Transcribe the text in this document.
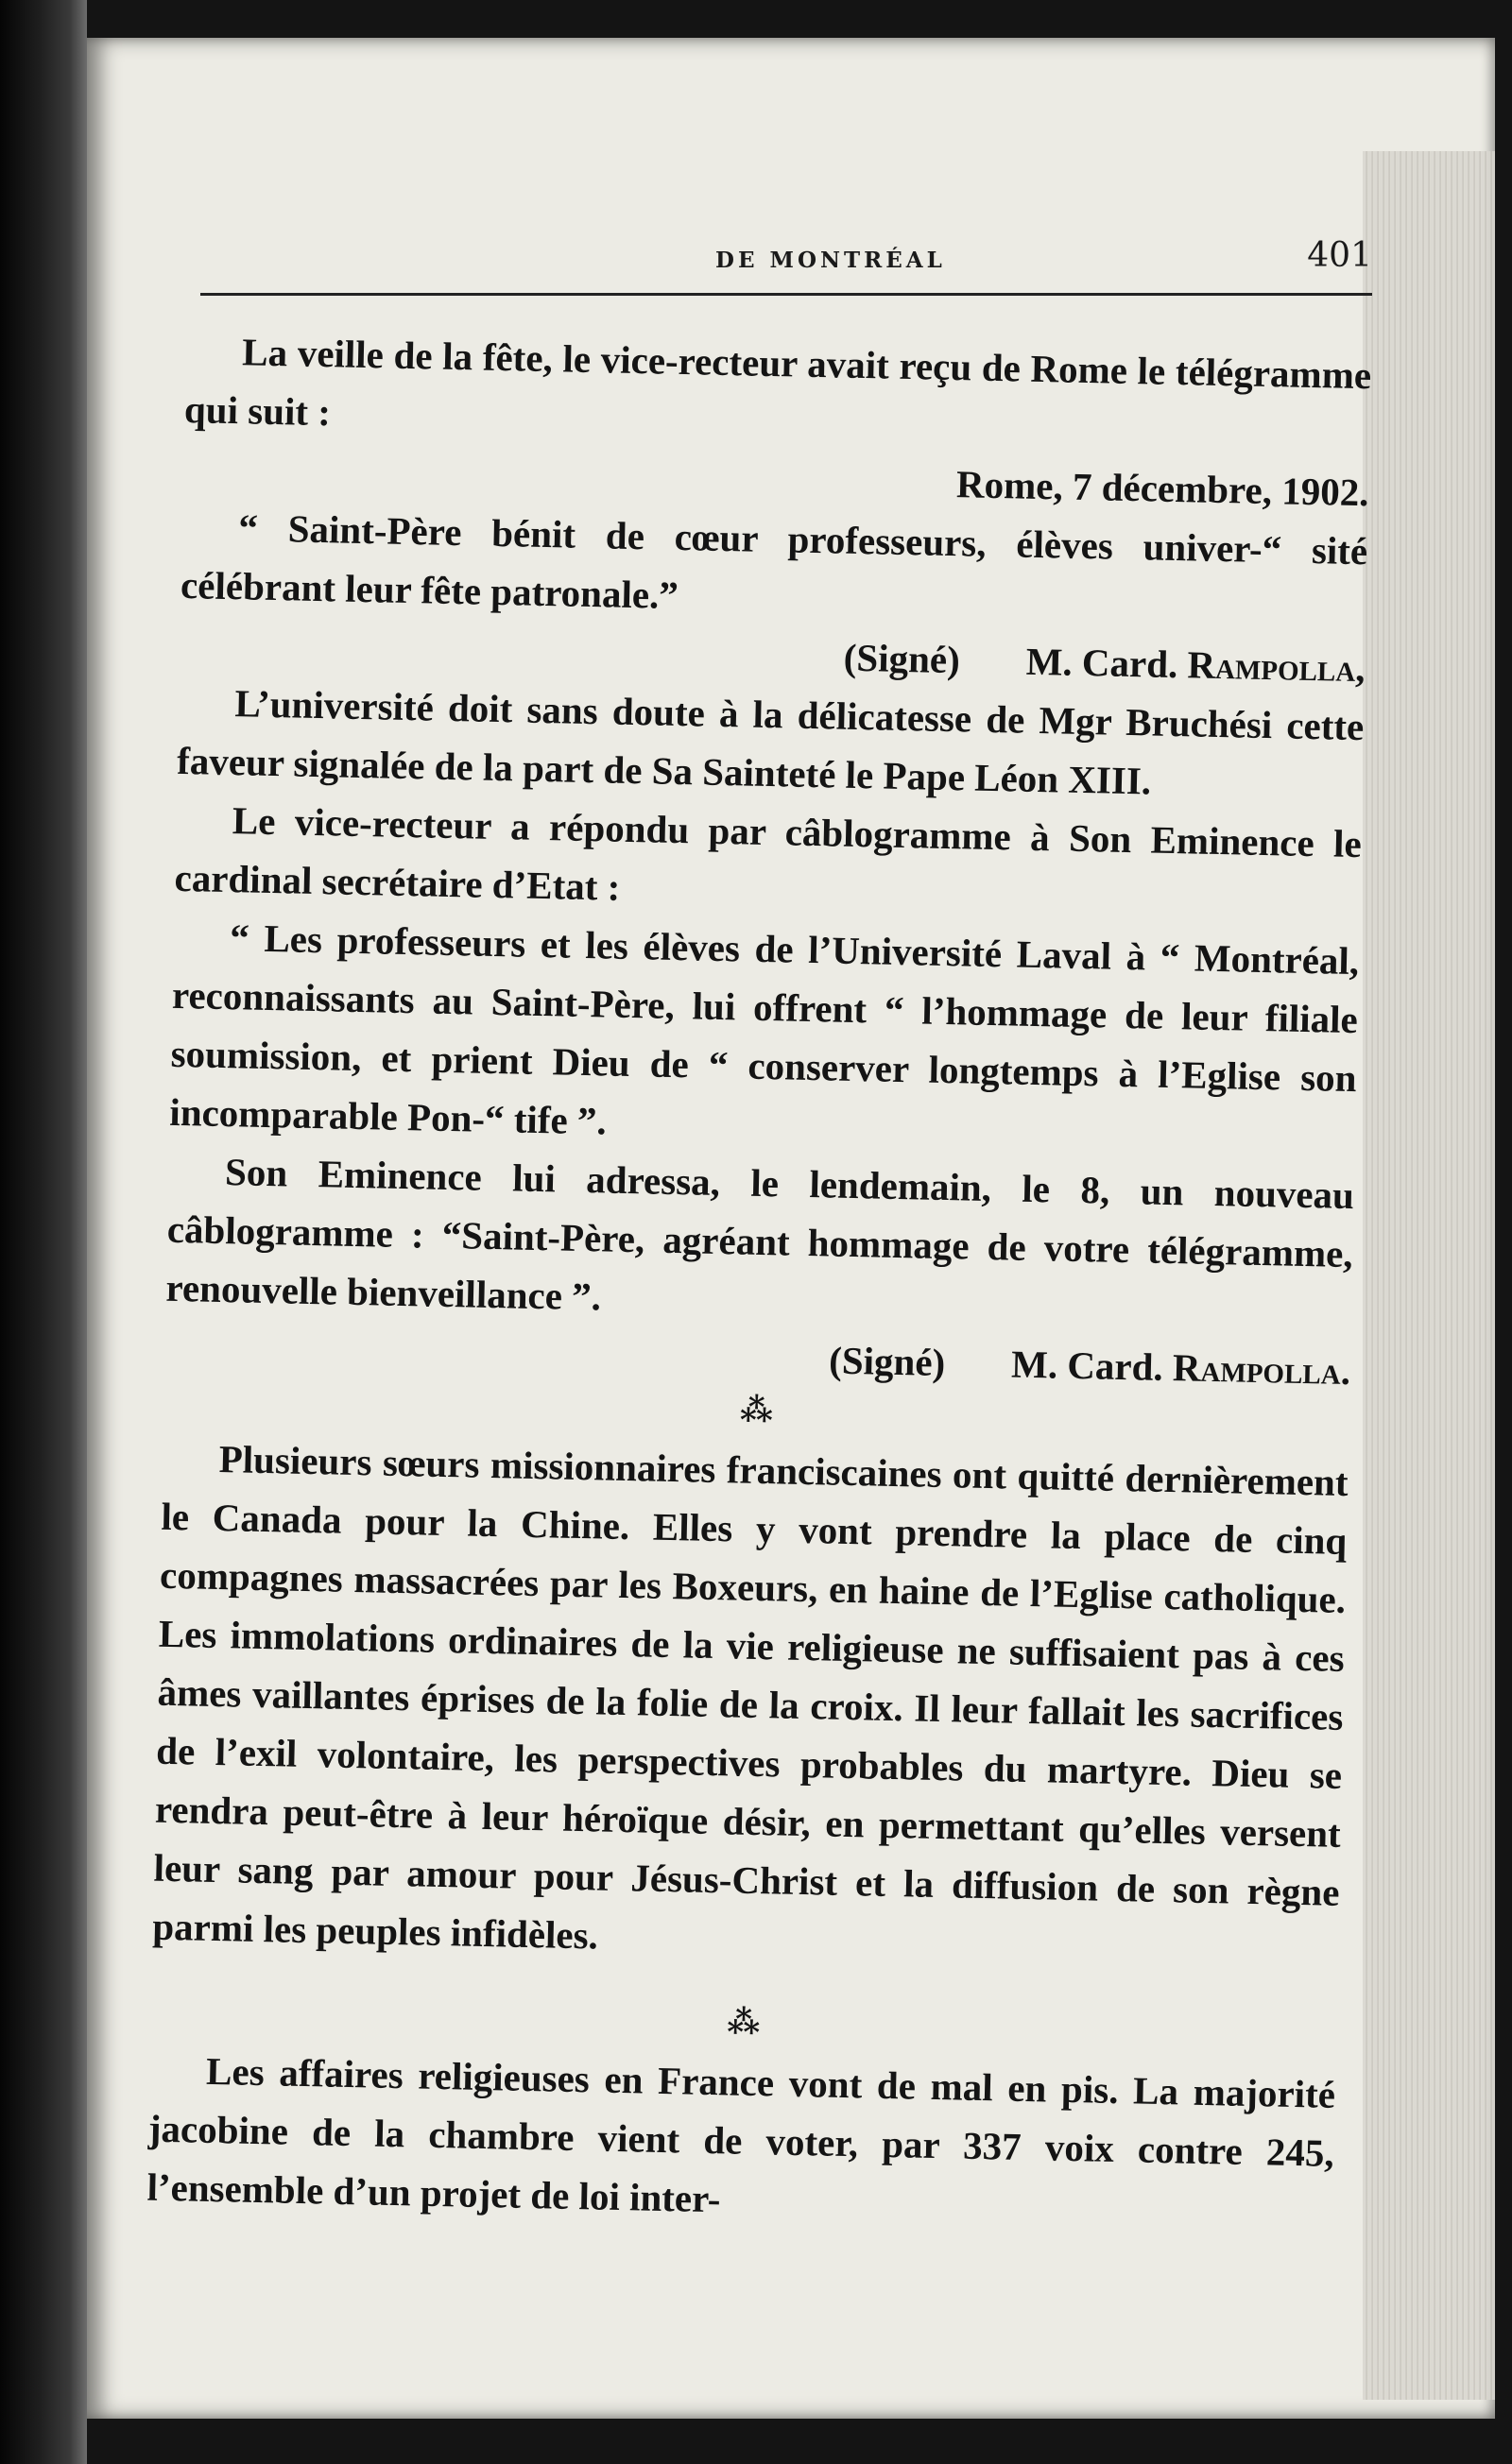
DE MONTRÉAL	401

La veille de la fête, le vice-recteur avait reçu de Rome le télégramme qui suit :

Rome, 7 décembre, 1902.

“ Saint-Père bénit de cœur professeurs, élèves univer-“ sité célébrant leur fête patronale.”

(Signé) M. Card. Rampolla,

L’université doit sans doute à la délicatesse de Mgr Bruchési cette faveur signalée de la part de Sa Sainteté le Pape Léon XIII.

Le vice-recteur a répondu par câblogramme à Son Eminence le cardinal secrétaire d’Etat :

“ Les professeurs et les élèves de l’Université Laval à “ Montréal, reconnaissants au Saint-Père, lui offrent “ l’hommage de leur filiale soumission, et prient Dieu de “ conserver longtemps à l’Eglise son incomparable Pon-“ tife ”.

Son Eminence lui adressa, le lendemain, le 8, un nouveau câblogramme : “Saint-Père, agréant hommage de votre télégramme, renouvelle bienveillance ”.

(Signé) M. Card. Rampolla.

⁂

Plusieurs sœurs missionnaires franciscaines ont quitté dernièrement le Canada pour la Chine. Elles y vont prendre la place de cinq compagnes massacrées par les Boxeurs, en haine de l’Eglise catholique. Les immolations ordinaires de la vie religieuse ne suffisaient pas à ces âmes vaillantes éprises de la folie de la croix. Il leur fallait les sacrifices de l’exil volontaire, les perspectives probables du martyre. Dieu se rendra peut-être à leur héroïque désir, en permettant qu’elles versent leur sang par amour pour Jésus-Christ et la diffusion de son règne parmi les peuples infidèles.

⁂

Les affaires religieuses en France vont de mal en pis. La majorité jacobine de la chambre vient de voter, par 337 voix contre 245, l’ensemble d’un projet de loi inter-
